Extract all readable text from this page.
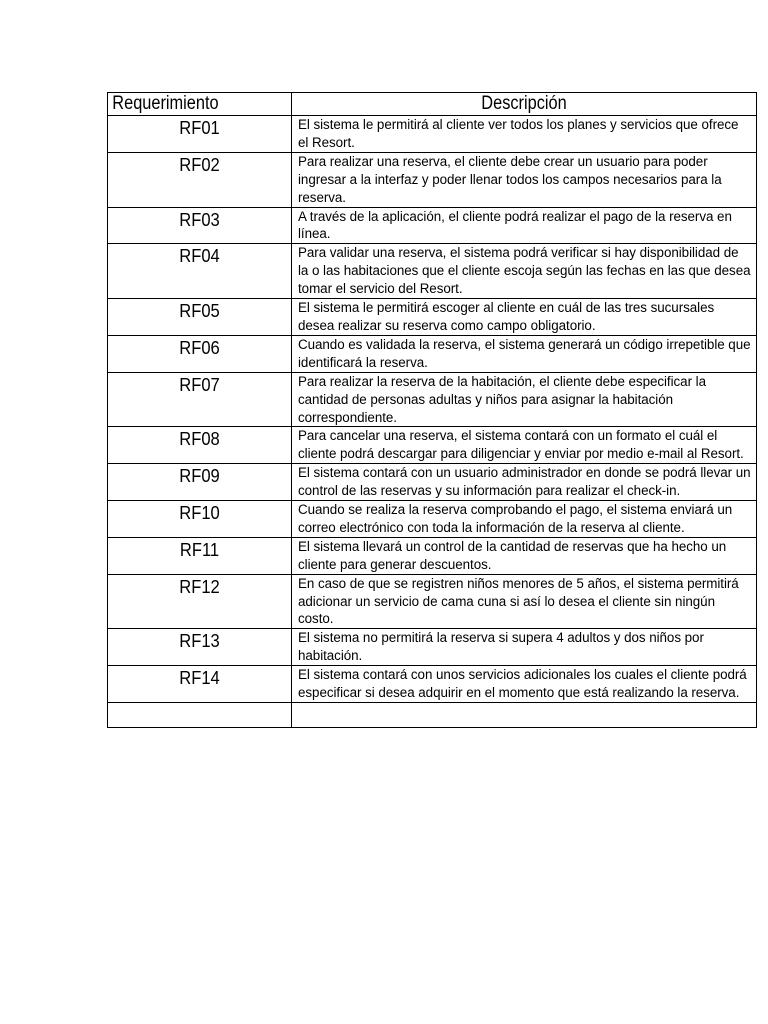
Requerimiento	Descripción

RF01	El sistema le permitirá al cliente ver todos los planes y servicios que ofrece el Resort.

RF02	Para realizar una reserva, el cliente debe crear un usuario para poder ingresar a la interfaz y poder llenar todos los campos necesarios para la reserva.

RF03	A través de la aplicación, el cliente podrá realizar el pago de la reserva en línea.

RF04	Para validar una reserva, el sistema podrá verificar si hay disponibilidad de la o las habitaciones que el cliente escoja según las fechas en las que desea tomar el servicio del Resort.

RF05	El sistema le permitirá escoger al cliente en cuál de las tres sucursales desea realizar su reserva como campo obligatorio.

RF06	Cuando es validada la reserva, el sistema generará un código irrepetible que identificará la reserva.

RF07	Para realizar la reserva de la habitación, el cliente debe especificar la cantidad de personas adultas y niños para asignar la habitación correspondiente.

RF08	Para cancelar una reserva, el sistema contará con un formato el cuál el cliente podrá descargar para diligenciar y enviar por medio e-mail al Resort.

RF09	El sistema contará con un usuario administrador en donde se podrá llevar un control de las reservas y su información para realizar el check-in.

RF10	Cuando se realiza la reserva comprobando el pago, el sistema enviará un correo electrónico con toda la información de la reserva al cliente.

RF11	El sistema llevará un control de la cantidad de reservas que ha hecho un cliente para generar descuentos.

RF12	En caso de que se registren niños menores de 5 años, el sistema permitirá adicionar un servicio de cama cuna si así lo desea el cliente sin ningún costo.

RF13	El sistema no permitirá la reserva si supera 4 adultos y dos niños por habitación.

RF14	El sistema contará con unos servicios adicionales los cuales el cliente podrá especificar si desea adquirir en el momento que está realizando la reserva.
